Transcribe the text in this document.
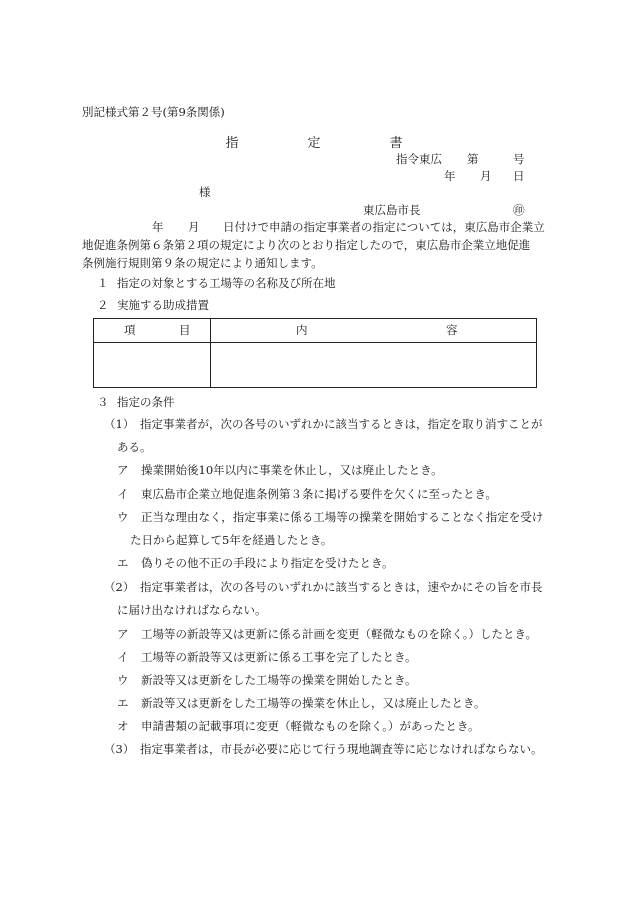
別記様式第２号(第9条関係)
指	定	書
指令東広 第	号
年 月 日
様
東広島市長	㊞
年 月 日付けで申請の指定事業者の指定については，東広島市企業立
地促進条例第６条第２項の規定により次のとおり指定したので，東広島市企業立地促進
条例施行規則第９条の規定により通知します。
１ 指定の対象とする工場等の名称及び所在地
２ 実施する助成措置
項 目	内 容

３ 指定の条件
（1） 指定事業者が，次の各号のいずれかに該当するときは，指定を取り消すことが
ある。
ア 操業開始後10年以内に事業を休止し，又は廃止したとき。
イ 東広島市企業立地促進条例第３条に掲げる要件を欠くに至ったとき。
ウ 正当な理由なく，指定事業に係る工場等の操業を開始することなく指定を受け
た日から起算して5年を経過したとき。
エ 偽りその他不正の手段により指定を受けたとき。
（2） 指定事業者は，次の各号のいずれかに該当するときは，速やかにその旨を市長
に届け出なければならない。
ア 工場等の新設等又は更新に係る計画を変更（軽微なものを除く。）したとき。
イ 工場等の新設等又は更新に係る工事を完了したとき。
ウ 新設等又は更新をした工場等の操業を開始したとき。
エ 新設等又は更新をした工場等の操業を休止し，又は廃止したとき。
オ 申請書類の記載事項に変更（軽微なものを除く。）があったとき。
（3） 指定事業者は，市長が必要に応じて行う現地調査等に応じなければならない。
